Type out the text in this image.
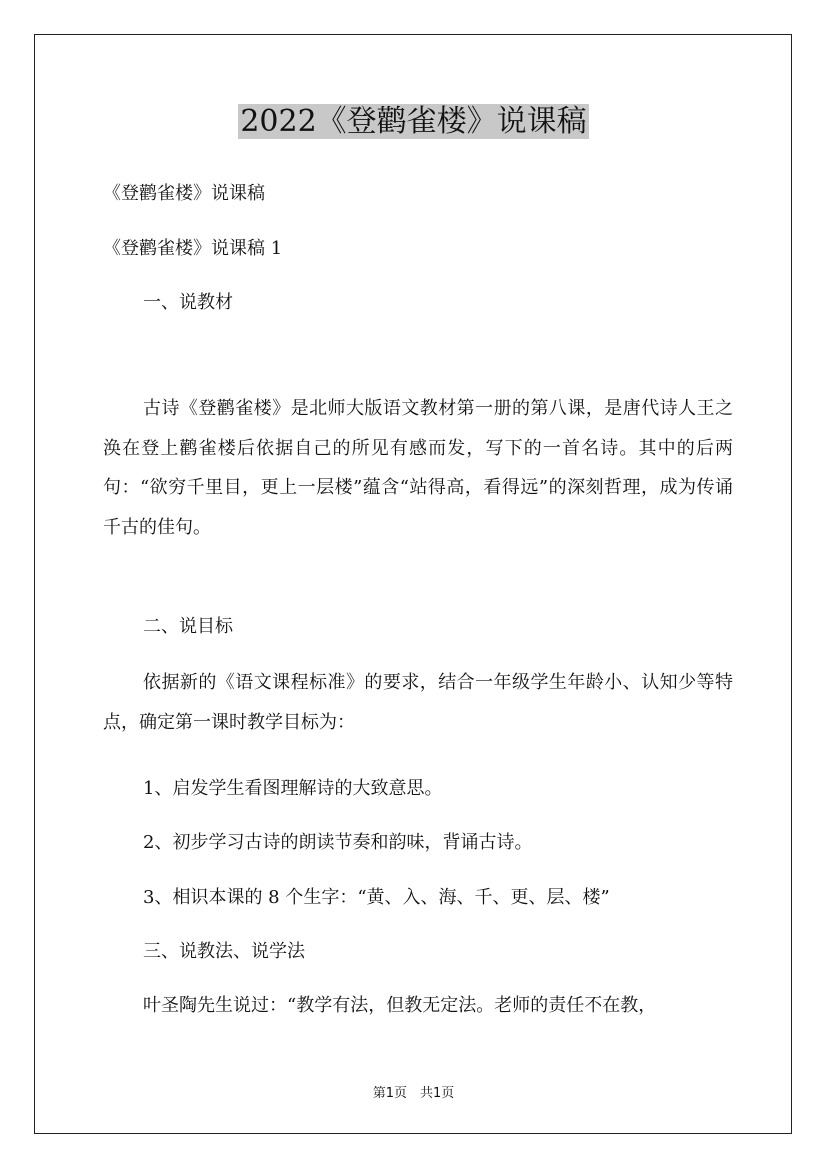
2022《登鹳雀楼》说课稿
《登鹳雀楼》说课稿
《登鹳雀楼》说课稿 1
一、说教材

古诗《登鹳雀楼》是北师大版语文教材第一册的第八课，是唐代诗人王之涣在登上鹳雀楼后依据自己的所见有感而发，写下的一首名诗。其中的后两句：“欲穷千里目，更上一层楼”蕴含“站得高，看得远”的深刻哲理，成为传诵千古的佳句。

二、说目标

依据新的《语文课程标准》的要求，结合一年级学生年龄小、认知少等特点，确定第一课时教学目标为：

1、启发学生看图理解诗的大致意思。
2、初步学习古诗的朗读节奏和韵味，背诵古诗。
3、相识本课的 8 个生字：“黄、入、海、千、更、层、楼”
三、说教法、说学法
叶圣陶先生说过：“教学有法，但教无定法。老师的责任不在教，
第1页　共1页
